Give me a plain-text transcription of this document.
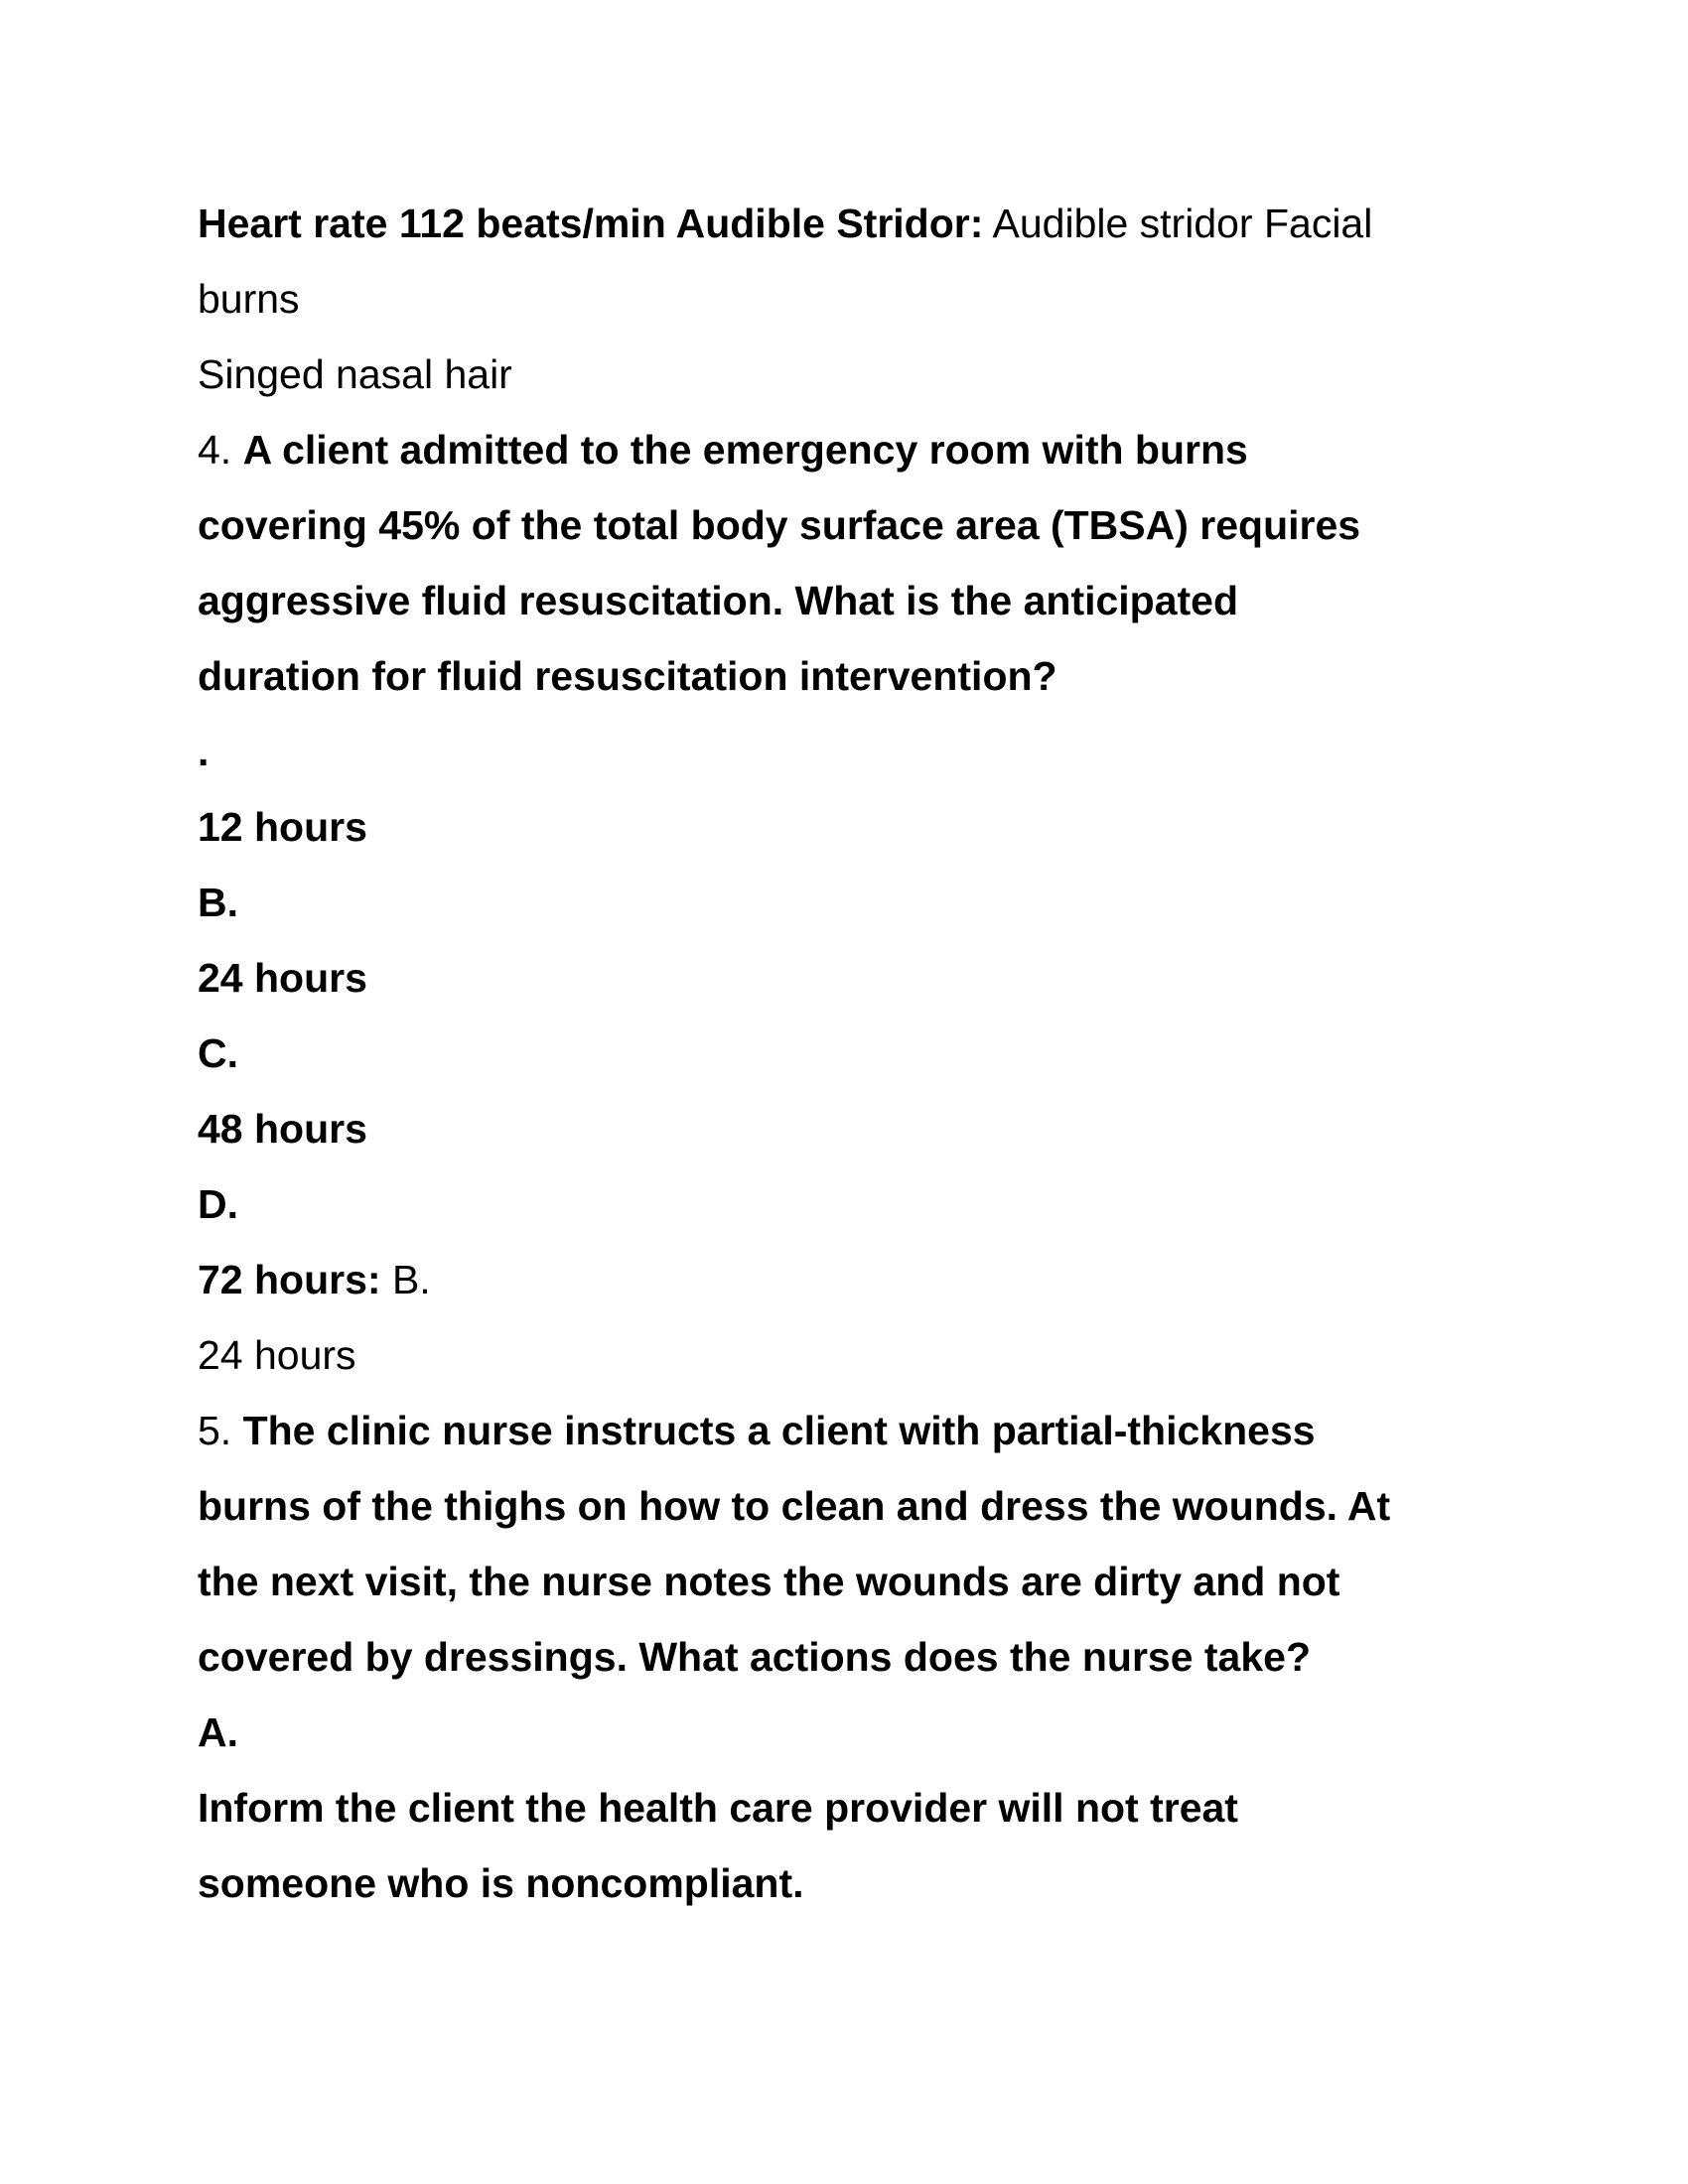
Heart rate 112 beats/min Audible Stridor: Audible stridor Facial
burns
Singed nasal hair
4. A client admitted to the emergency room with burns
covering 45% of the total body surface area (TBSA) requires
aggressive fluid resuscitation. What is the anticipated
duration for fluid resuscitation intervention?
.
12 hours
B.
24 hours
C.
48 hours
D.
72 hours: B.
24 hours
5. The clinic nurse instructs a client with partial-thickness
burns of the thighs on how to clean and dress the wounds. At
the next visit, the nurse notes the wounds are dirty and not
covered by dressings. What actions does the nurse take?
A.
Inform the client the health care provider will not treat
someone who is noncompliant.
